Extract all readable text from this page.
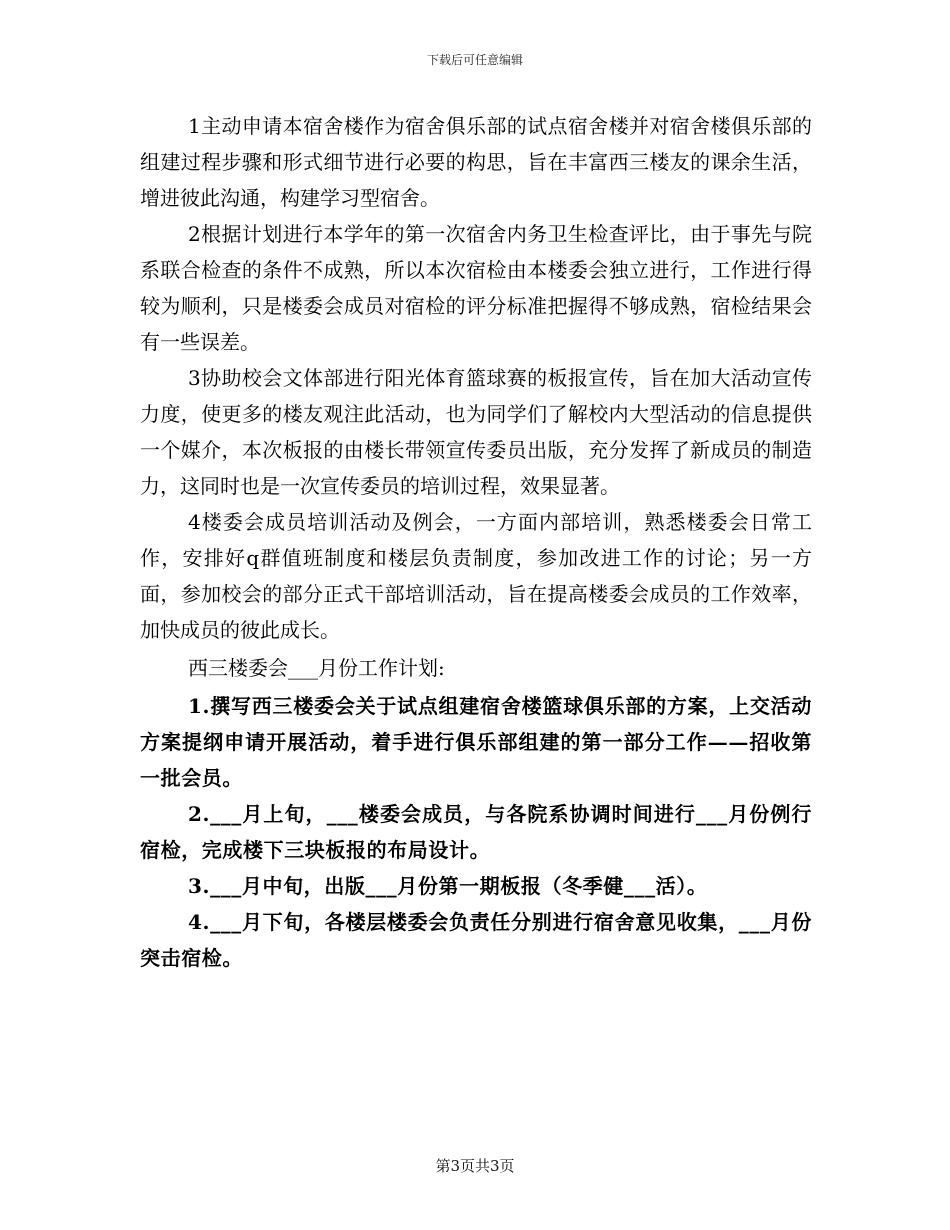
下载后可任意编辑

1主动申请本宿舍楼作为宿舍俱乐部的试点宿舍楼并对宿舍楼俱乐部的组建过程步骤和形式细节进行必要的构思，旨在丰富西三楼友的课余生活，增进彼此沟通，构建学习型宿舍。

2根据计划进行本学年的第一次宿舍内务卫生检查评比，由于事先与院系联合检查的条件不成熟，所以本次宿检由本楼委会独立进行，工作进行得较为顺利，只是楼委会成员对宿检的评分标准把握得不够成熟，宿检结果会有一些误差。

3协助校会文体部进行阳光体育篮球赛的板报宣传，旨在加大活动宣传力度，使更多的楼友观注此活动，也为同学们了解校内大型活动的信息提供一个媒介，本次板报的由楼长带领宣传委员出版，充分发挥了新成员的制造力，这同时也是一次宣传委员的培训过程，效果显著。

4楼委会成员培训活动及例会，一方面内部培训，熟悉楼委会日常工作，安排好q群值班制度和楼层负责制度，参加改进工作的讨论；另一方面，参加校会的部分正式干部培训活动，旨在提高楼委会成员的工作效率，加快成员的彼此成长。

西三楼委会___月份工作计划:

1.撰写西三楼委会关于试点组建宿舍楼篮球俱乐部的方案，上交活动方案提纲申请开展活动，着手进行俱乐部组建的第一部分工作——招收第一批会员。

2.___月上旬，___楼委会成员，与各院系协调时间进行___月份例行宿检，完成楼下三块板报的布局设计。

3.___月中旬，出版___月份第一期板报（冬季健___活）。

4.___月下旬，各楼层楼委会负责任分别进行宿舍意见收集，___月份突击宿检。

第3页共3页
